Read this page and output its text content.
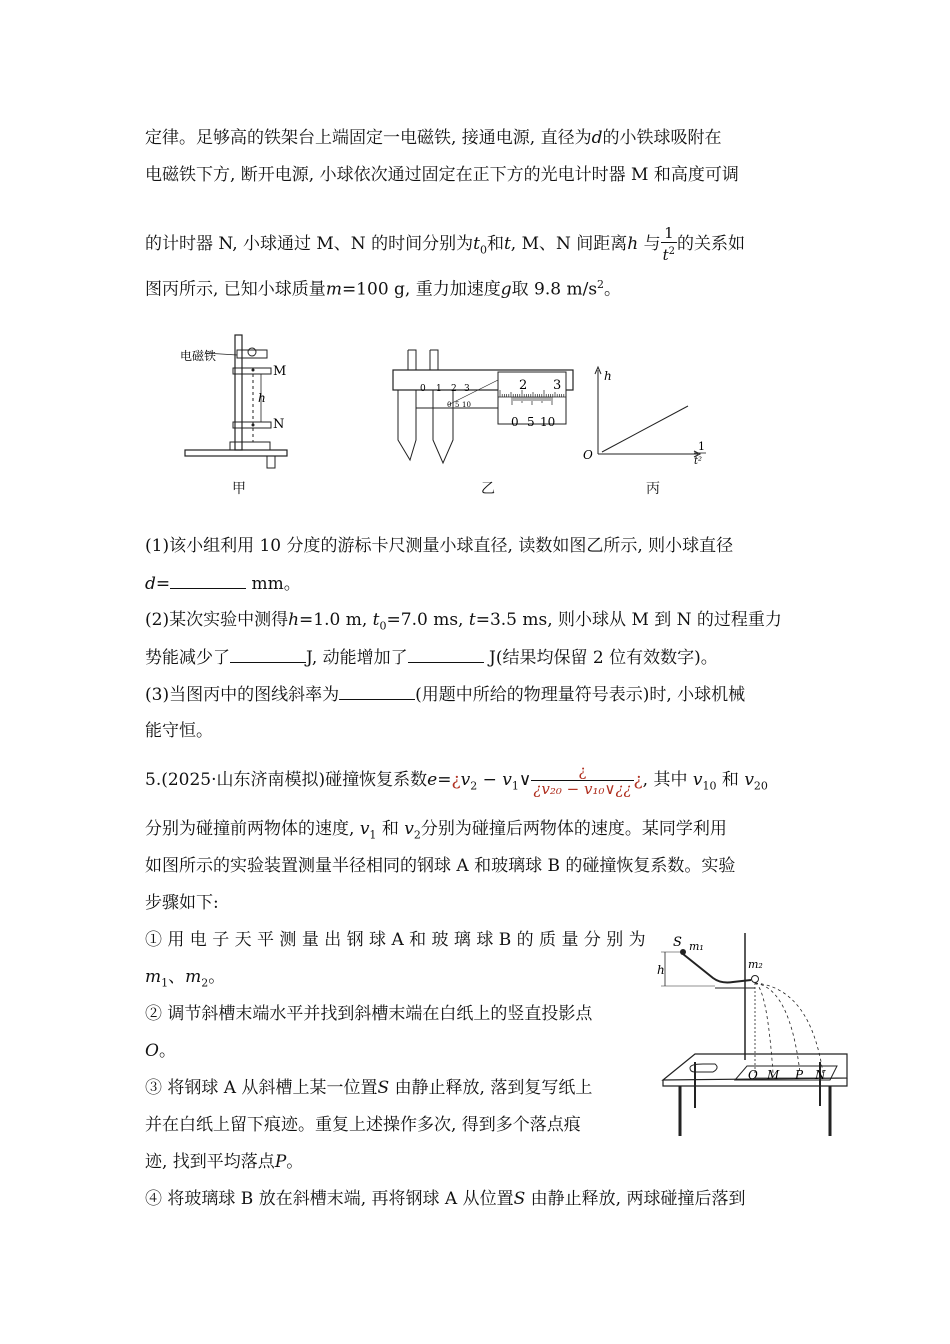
定律。足够高的铁架台上端固定一电磁铁, 接通电源, 直径为d的小铁球吸附在
电磁铁下方, 断开电源, 小球依次通过固定在正下方的光电计时器 M 和高度可调
的计时器 N, 小球通过 M、N 的时间分别为$t_0$和t, M、N 间距离h 与 $\frac{1}{t^2}$ 的关系如
图丙所示, 已知小球质量m=100 g, 重力加速度g取 9.8 $m/s^2$。
电磁铁
M
N
h
甲
0 1 2 3
0 5 10
2 3
0 5 10
乙
h
O
1
t²
丙
(1)该小组利用 10 分度的游标卡尺测量小球直径, 读数如图乙所示, 则小球直径
d=	mm。
(2)某次实验中测得h=1.0 m, $t_0=7.0$ ms, t=3.5 ms, 则小球从 M 到 N 的过程重力
势能减少了	J, 动能增加了	J(结果均保留 2 位有效数字)。
(3)当图丙中的图线斜率为	(用题中所给的物理量符号表示)时, 小球机械
能守恒。
5.(2025·山东济南模拟)碰撞恢复系数$e=¿v_2$ − $v_1\vee \frac{¿}{\text{¿v₂₀ − v₁₀∨¿¿}}$ ¿, 其中 $v_{10}$ 和 $v_{20}$
分别为碰撞前两物体的速度, $v_1$ 和 $v_2$分别为碰撞后两物体的速度。某同学利用
如图所示的实验装置测量半径相同的钢球 A 和玻璃球 B 的碰撞恢复系数。实验
步骤如下:
① 用 电 子 天 平 测 量 出 钢 球 A 和 玻 璃 球 B 的 质 量 分 别 为
$m_1$、$m_2$。
② 调节斜槽末端水平并找到斜槽末端在白纸上的竖直投影点
O。
③ 将钢球 A 从斜槽上某一位置S 由静止释放, 落到复写纸上
并在白纸上留下痕迹。重复上述操作多次, 得到多个落点痕
迹, 找到平均落点P。
④ 将玻璃球 B 放在斜槽末端, 再将钢球 A 从位置S 由静止释放, 两球碰撞后落到
S m₁
h	m₂
O M P N
